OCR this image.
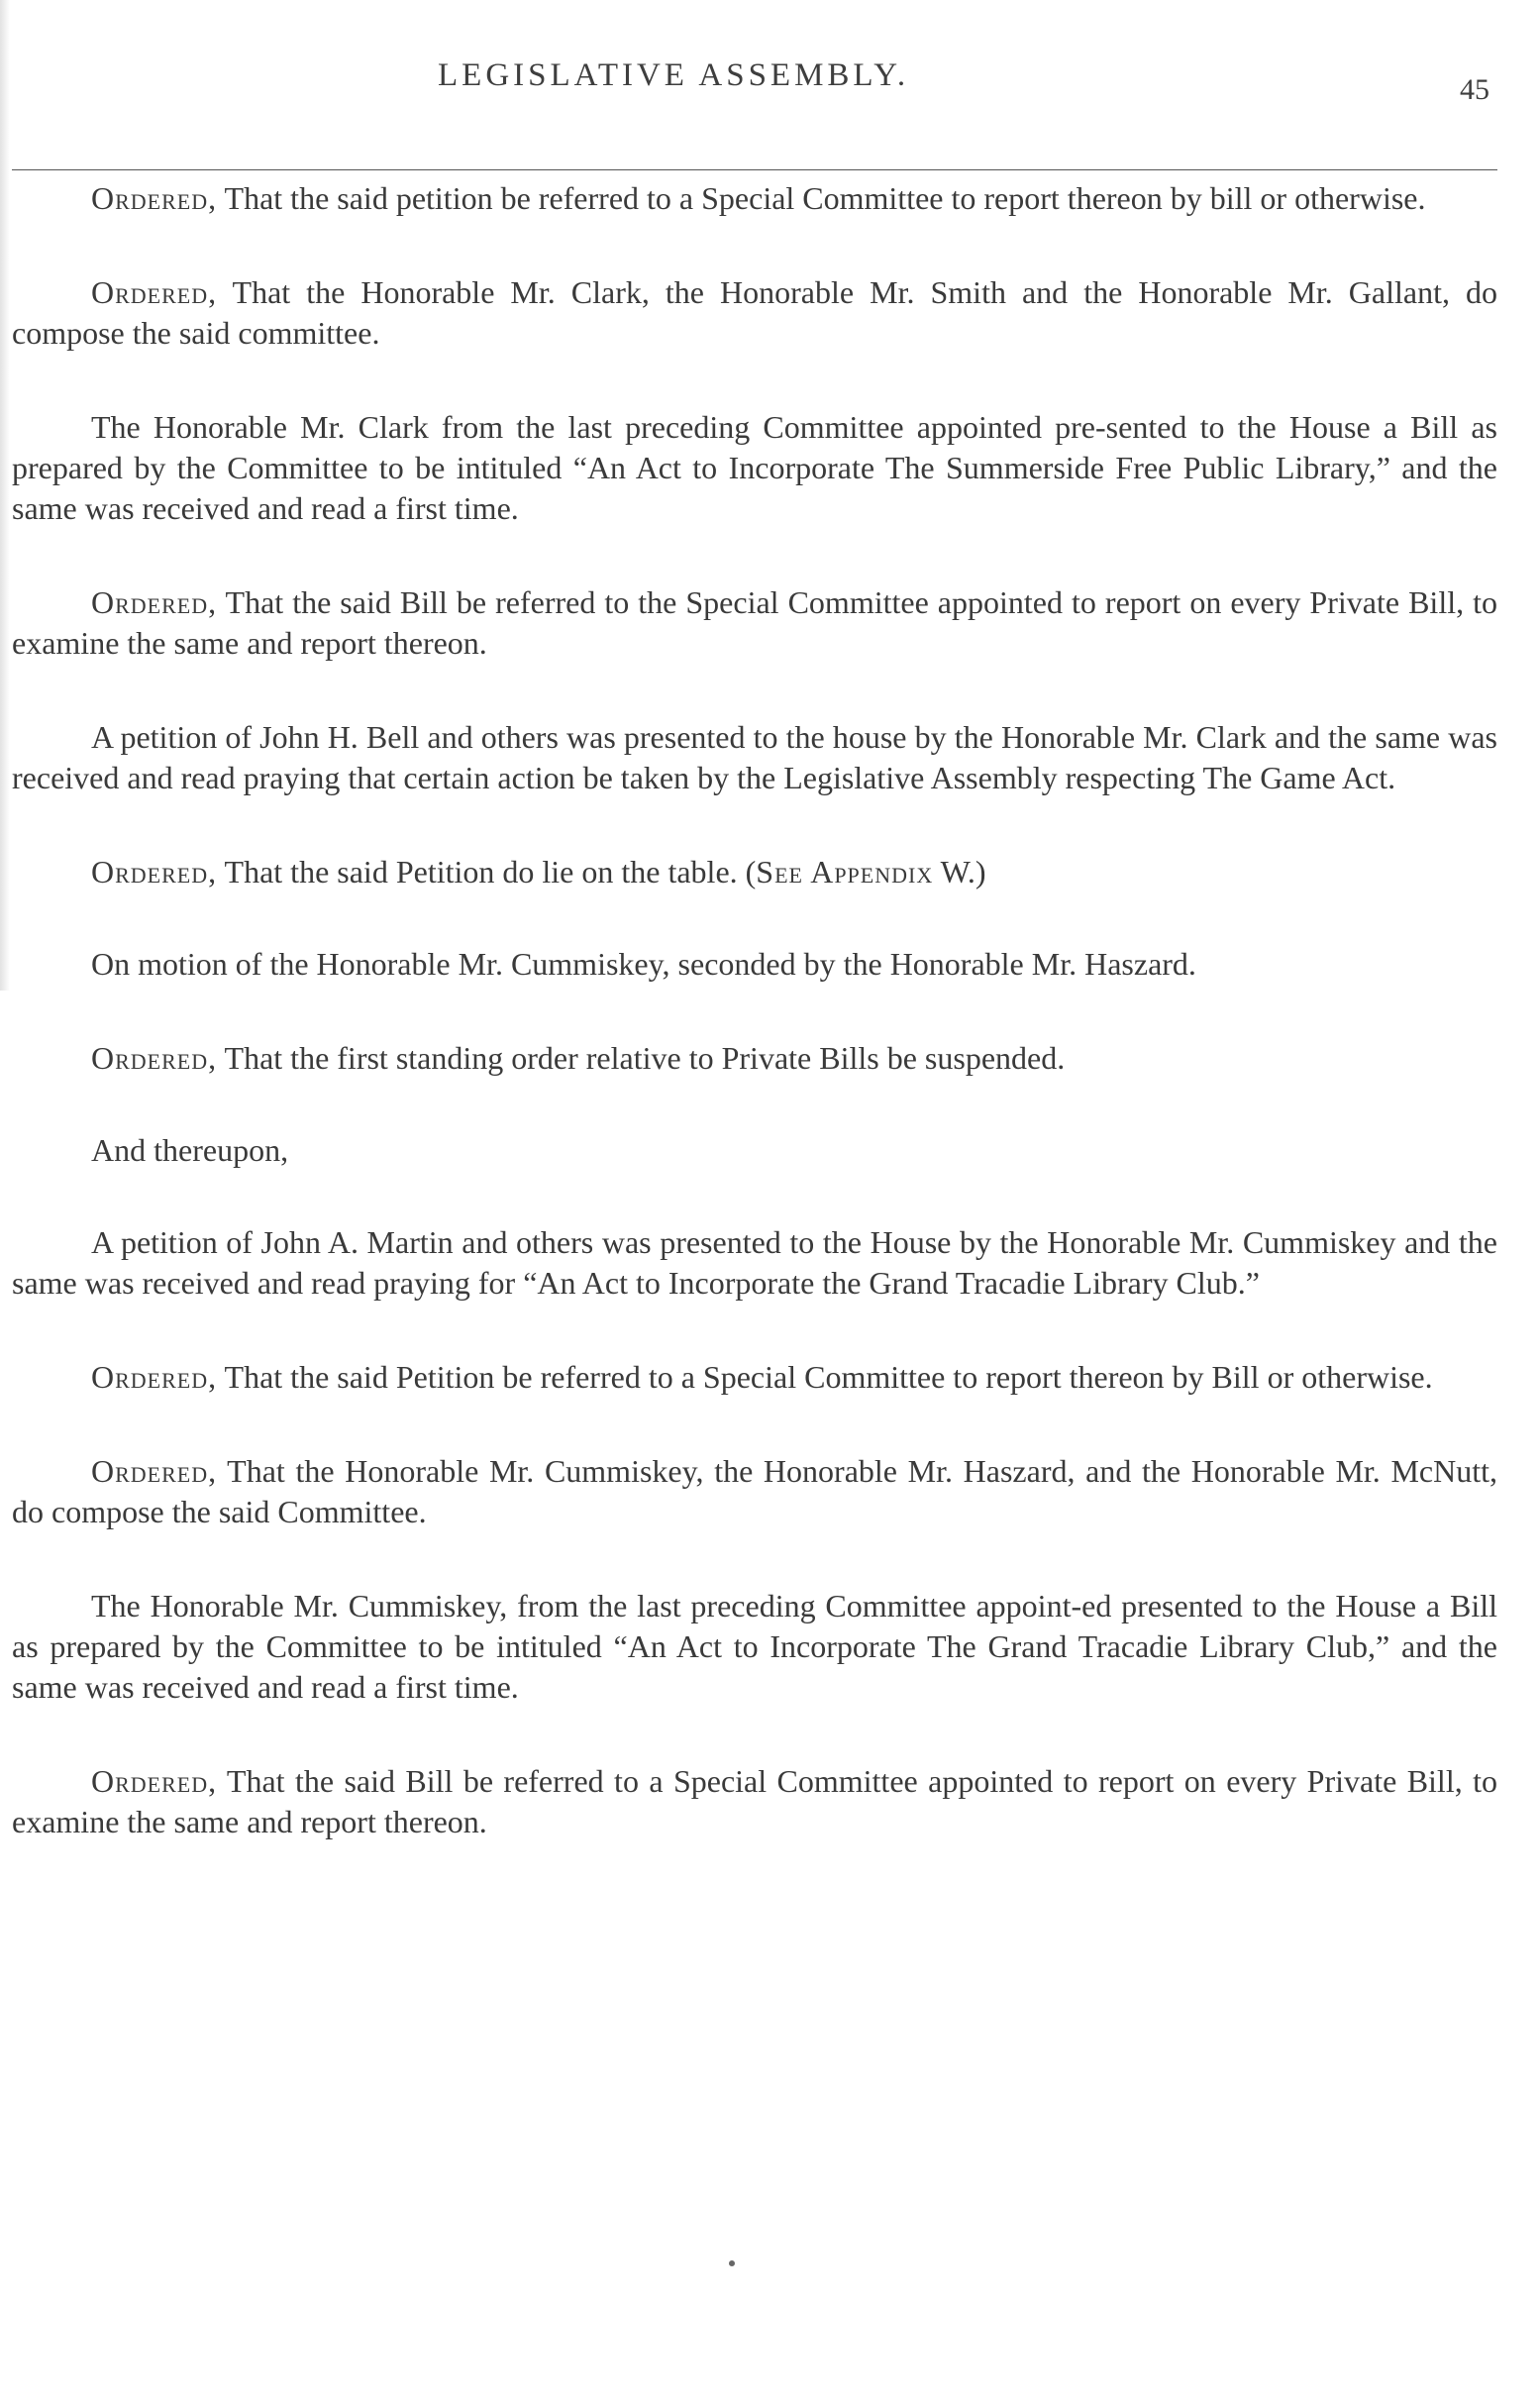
LEGISLATIVE ASSEMBLY.	45

Ordered, That the said petition be referred to a Special Committee to report thereon by bill or otherwise.

Ordered, That the Honorable Mr. Clark, the Honorable Mr. Smith and the Honorable Mr. Gallant, do compose the said committee.

The Honorable Mr. Clark from the last preceding Committee appointed pre-sented to the House a Bill as prepared by the Committee to be intituled “An Act to Incorporate The Summerside Free Public Library,” and the same was received and read a first time.

Ordered, That the said Bill be referred to the Special Committee appointed to report on every Private Bill, to examine the same and report thereon.

A petition of John H. Bell and others was presented to the house by the Honorable Mr. Clark and the same was received and read praying that certain action be taken by the Legislative Assembly respecting The Game Act.

Ordered, That the said Petition do lie on the table. (See Appendix W.)

On motion of the Honorable Mr. Cummiskey, seconded by the Honorable Mr. Haszard.

Ordered, That the first standing order relative to Private Bills be suspended.

And thereupon,

A petition of John A. Martin and others was presented to the House by the Honorable Mr. Cummiskey and the same was received and read praying for “An Act to Incorporate the Grand Tracadie Library Club.”

Ordered, That the said Petition be referred to a Special Committee to report thereon by Bill or otherwise.

Ordered, That the Honorable Mr. Cummiskey, the Honorable Mr. Haszard, and the Honorable Mr. McNutt, do compose the said Committee.

The Honorable Mr. Cummiskey, from the last preceding Committee appoint-ed presented to the House a Bill as prepared by the Committee to be intituled “An Act to Incorporate The Grand Tracadie Library Club,” and the same was received and read a first time.

Ordered, That the said Bill be referred to a Special Committee appointed to report on every Private Bill, to examine the same and report thereon.
